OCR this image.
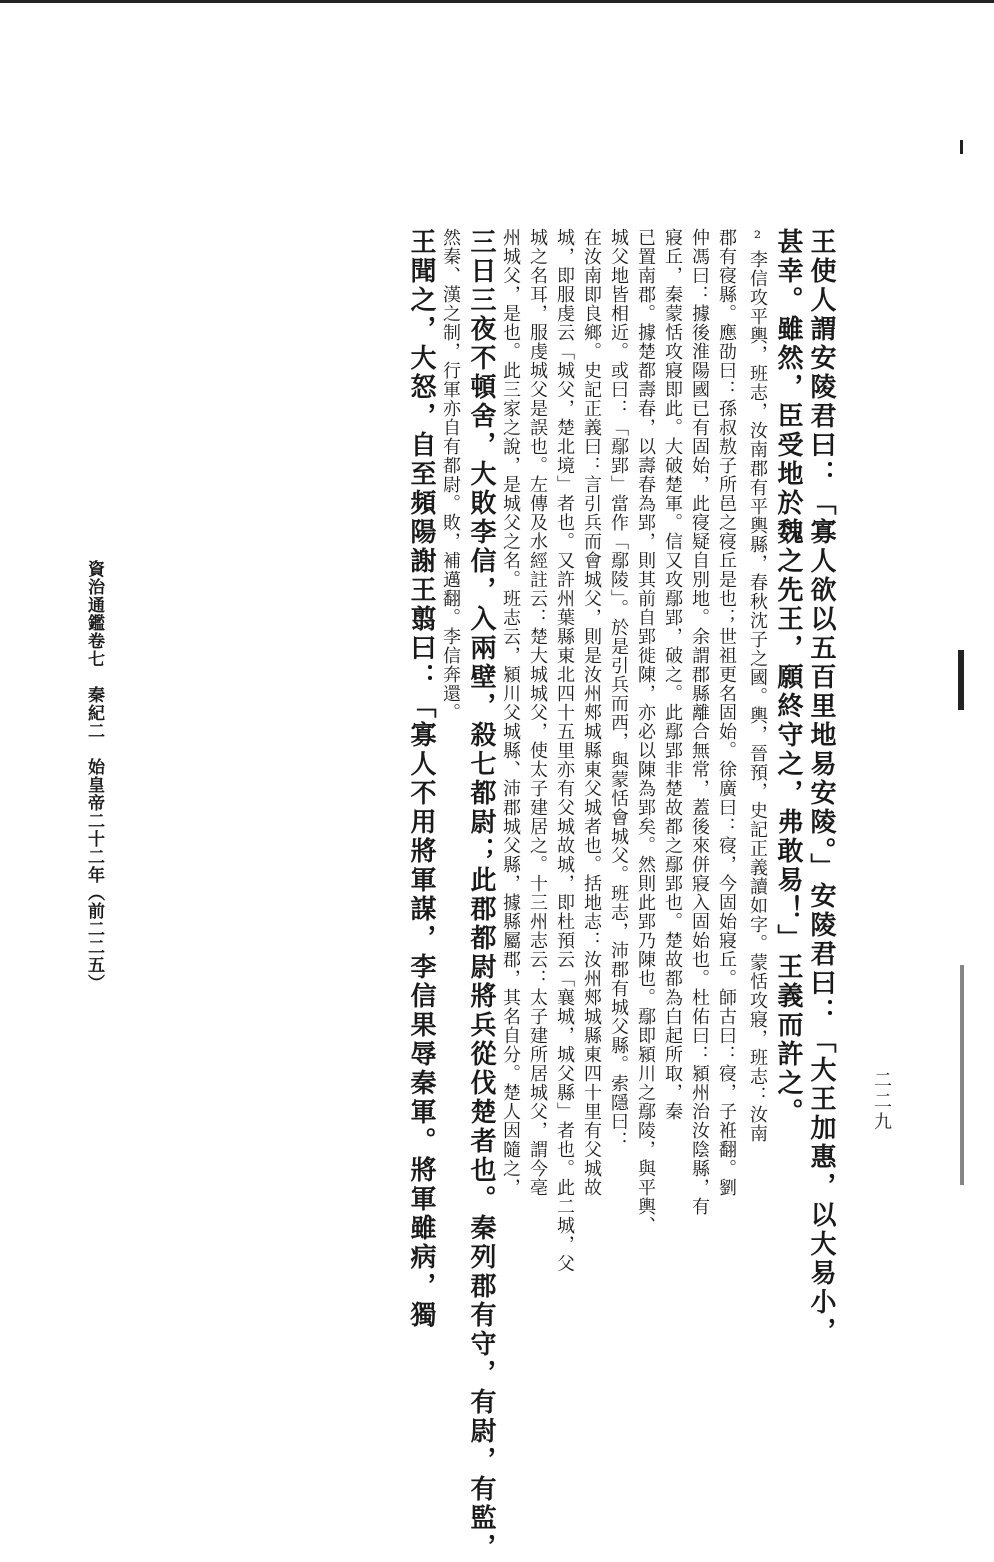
王使人謂安陵君曰：「寡人欲以五百里地易安陵。」安陵君曰：「大王加惠，以大易小，
甚幸。雖然，臣受地於魏之先王，願終守之，弗敢易！」王義而許之。
²李信攻平輿，班志，汝南郡有平輿縣，春秋沈子之國。輿，晉預，史記正義讀如字。蒙恬攻寢，班志：汝南
郡有寑縣。應劭曰：孫叔敖子所邑之寑丘是也；世祖更名固始。徐廣曰：寑，今固始寢丘。師古曰：寑，子袵翻。劉
仲馮曰：據後淮陽國已有固始，此寑疑自別地。余謂郡縣離合無常，蓋後來併寢入固始也。杜佑曰：潁州治汝陰縣，有
寢丘，秦蒙恬攻寢即此。大破楚軍。信又攻鄢郢，破之。此鄢郢非楚故都之鄢郢也。楚故都為白起所取，秦
已置南郡。據楚都壽春，以壽春為郢，則其前自郢徙陳，亦必以陳為郢矣。然則此郢乃陳也。鄢即潁川之鄢陵，與平輿、
城父地皆相近。或曰：「鄢郢」當作「鄢陵」。於是引兵而西，與蒙恬會城父。班志，沛郡有城父縣。索隱曰：
在汝南即良鄉。史記正義曰：言引兵而會城父，則是汝州郟城縣東父城者也。括地志：汝州郟城縣東四十里有父城故
城，即服虔云「城父，楚北境」者也。又許州葉縣東北四十五里亦有父城故城，即杜預云「襄城，城父縣」者也。此二城，父
城之名耳，服虔城父是誤也。左傳及水經註云：楚大城城父，使太子建居之。十三州志云：太子建所居城父，謂今亳
州城父，是也。此三家之說，是城父之名。班志云，潁川父城縣、沛郡城父縣，據縣屬郡，其名自分。楚人因隨之，
三日三夜不頓舍，大敗李信，入兩壁，殺七都尉；此郡都尉將兵從伐楚者也。秦列郡有守，有尉，有監，
然秦、漢之制，行軍亦自有都尉。敗，補邁翻。李信奔還。
王聞之，大怒，自至頻陽謝王翦曰：「寡人不用將軍謀，李信果辱秦軍。將軍雖病，獨
資治通鑑卷七　秦紀二　始皇帝二十二年（前二二五）
二二九
